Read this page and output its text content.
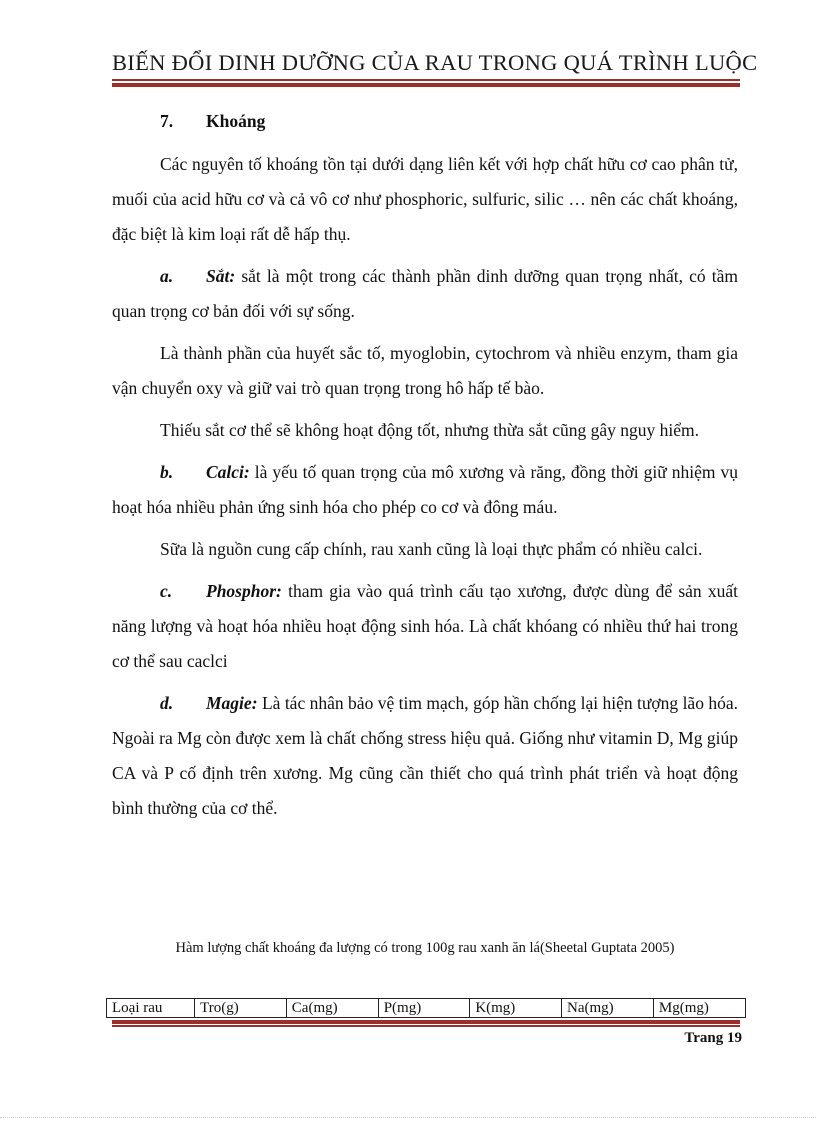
BIẾN ĐỔI DINH DƯỠNG CỦA RAU TRONG QUÁ TRÌNH LUỘC

7. Khoáng

Các nguyên tố khoáng tồn tại dưới dạng liên kết với hợp chất hữu cơ cao phân tử, muối của acid hữu cơ và cả vô cơ như phosphoric, sulfuric, silic … nên các chất khoáng, đặc biệt là kim loại rất dễ hấp thụ.

a. Sắt: sắt là một trong các thành phần dinh dưỡng quan trọng nhất, có tầm quan trọng cơ bản đối với sự sống.

Là thành phần của huyết sắc tố, myoglobin, cytochrom và nhiều enzym, tham gia vận chuyển oxy và giữ vai trò quan trọng trong hô hấp tế bào.

Thiếu sắt cơ thể sẽ không hoạt động tốt, nhưng thừa sắt cũng gây nguy hiểm.

b. Calci: là yếu tố quan trọng của mô xương và răng, đồng thời giữ nhiệm vụ hoạt hóa nhiều phản ứng sinh hóa cho phép co cơ và đông máu.

Sữa là nguồn cung cấp chính, rau xanh cũng là loại thực phẩm có nhiều calci.

c. Phosphor: tham gia vào quá trình cấu tạo xương, được dùng để sản xuất năng lượng và hoạt hóa nhiều hoạt động sinh hóa. Là chất khóang có nhiều thứ hai trong cơ thể sau caclci

d. Magie: Là tác nhân bảo vệ tim mạch, góp hần chống lại hiện tượng lão hóa. Ngoài ra Mg còn được xem là chất chống stress hiệu quả. Giống như vitamin D, Mg giúp CA và P cố định trên xương. Mg cũng cần thiết cho quá trình phát triển và hoạt động bình thường của cơ thể.

Hàm lượng chất khoáng đa lượng có trong 100g rau xanh ăn lá(Sheetal Guptata 2005)
Loại rau	Tro(g)	Ca(mg)	P(mg)	K(mg)	Na(mg)	Mg(mg)
Trang 19
